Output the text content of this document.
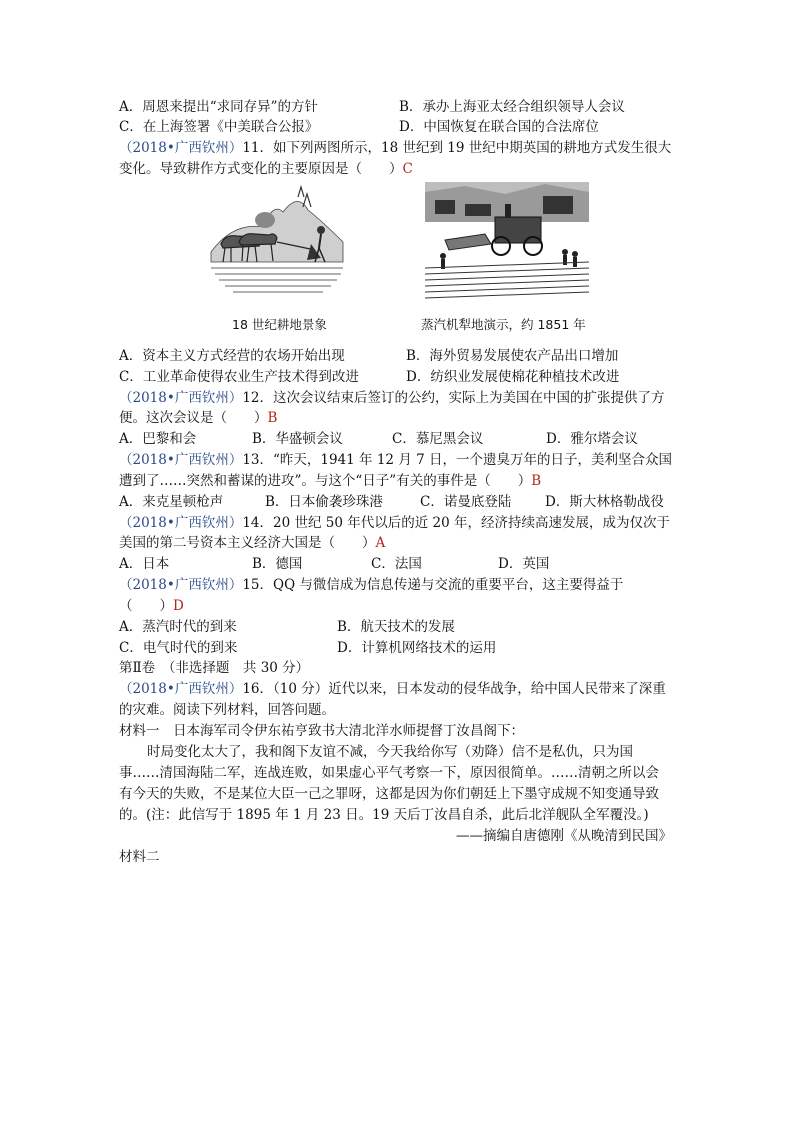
A．周恩来提出“求同存异”的方针	B．承办上海亚太经合组织领导人会议
C．在上海签署《中美联合公报》	D．中国恢复在联合国的合法席位
（2018•广西钦州）11．如下列两图所示，18 世纪到 19 世纪中期英国的耕地方式发生很大
变化。导致耕作方式变化的主要原因是（　　）C
18 世纪耕地景象	蒸汽机犁地演示，约 1851 年
A．资本主义方式经营的农场开始出现	B．海外贸易发展使农产品出口增加
C．工业革命使得农业生产技术得到改进	D．纺织业发展使棉花种植技术改进
（2018•广西钦州）12．这次会议结束后签订的公约，实际上为美国在中国的扩张提供了方
便。这次会议是（　　）B
A．巴黎和会	B．华盛顿会议	C．慕尼黑会议	D．雅尔塔会议
（2018•广西钦州）13．“昨天，1941 年 12 月 7 日，一个遗臭万年的日子，美利坚合众国
遭到了……突然和蓄谋的进攻”。与这个“日子”有关的事件是（　　）B
A．来克星顿枪声	B．日本偷袭珍珠港	C．诺曼底登陆 D．斯大林格勒战役
（2018•广西钦州）14．20 世纪 50 年代以后的近 20 年，经济持续高速发展，成为仅次于
美国的第二号资本主义经济大国是（　　）A
A．日本	B．德国	C．法国	D．英国
（2018•广西钦州）15．QQ 与微信成为信息传递与交流的重要平台，这主要得益于
（　　）D
A．蒸汽时代的到来	B．航天技术的发展
C．电气时代的到来	D．计算机网络技术的运用
第Ⅱ卷　（非选择题　共 30 分）
（2018•广西钦州）16．（10 分）近代以来，日本发动的侵华战争，给中国人民带来了深重
的灾难。阅读下列材料，回答问题。
材料一　日本海军司令伊东祐亨致书大清北洋水师提督丁汝昌阁下：
时局变化太大了，我和阁下友谊不减，今天我给你写（劝降）信不是私仇，只为国
事……清国海陆二军，连战连败，如果虚心平气考察一下，原因很简单。……清朝之所以会
有今天的失败，不是某位大臣一己之罪呀，这都是因为你们朝廷上下墨守成规不知变通导致
的。(注：此信写于 1895 年 1 月 23 日。19 天后丁汝昌自杀，此后北洋舰队全军覆没。)
——摘编自唐德刚《从晚清到民国》
材料二
